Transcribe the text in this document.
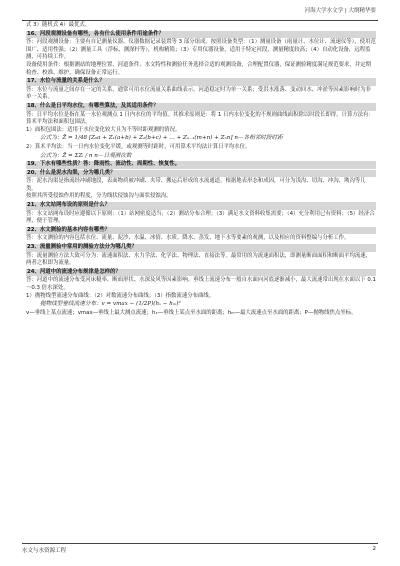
河海大学水文学 | 大纲精华要
式 3）随机式 4）最优式。
16、河段观测设备有哪些，各有什么使用条件用途条件？
答：河段观测设备：主要有自记测量仪器、仪器数据记录装置等 3 部分组成。按照设备类型：（1）测量设备（雨量计、水位计、流速仪等），使用范围广、适用性强；（2）测量工具（浮标、测深杆等），机构精简；（3）专用仪器设备，适用于特定河段，测量精度较高；（4）自动化设备，远程监测，可持续工作。
设备使用条件：根据测站的地理位置、河道条件、水文特性和测验任务选择合适的观测设备，合理配置仪器，保证测验精度满足规范要求，并定期检查、校准、维护，确保设备正常运行。
17、水位与流量的关系是什么？
答：水位与流量之间存在一定的关系，通常可用水位流量关系曲线表示。河道稳定时为单一关系；受洪水涨落、变动回水、冲淤等因素影响时为非单一关系。
18、什么是日平均水位，有哪些算法，及其适用条件？
答：日平均水位是指在某一水位观测点 1 日内水位的平均值。其推求原则是：将 1 日内水位变化的不规则曲线面积除以时段长即得。计算方法有：算术平均法和面积包围法。
1）面积包围法：适用于水位变化较大且为不等时距观测的情况。
公式为：Z̄ = 1/48 [Z₀a + Z₁(a+b) + Z₂(b+c) + … + Zₙ₋₁(m+n) + Zₙn] n—各相邻时段时距
2）算术平均法：当一日内水位变化平缓，或观测等时距时，可用算术平均法计算日平均水位。
公式为：Z̄ = ΣZᵢ / n n—日观测次数
19、下水有哪些性质？答：降雨性、流动性、周期性、恢复性。
20、什么是泥水沟渠，分为哪几类？
答：泥水沟渠是指流经冲刷地段，表面物质被冲刷、夹带、搬运后形成的水流通道。根据地表形态和成因，可分为浅沟、切沟、冲沟、坳沟等几类。
按照其所受侵蚀作用的程度，分为线状侵蚀沟与面状侵蚀沟。
21、水文站网布设的原则是什么？
答：水文站网布设时应遵循以下原则：（1）站网密度适当；（2）测站分布合理；（3）满足水文资料收集需要；（4）充分利用已有资料；（5）经济合理，便于管理。
22、水文测验的基本内容有哪些？
答：水文测验的内容包括水位、流量、泥沙、水温、冰情、水质、降水、蒸发、地下水等要素的观测，以及相应的资料整编与分析工作。
23、流量测验中常用的测验方法分为哪几类？
答：流量测验方法大致可分为：流速面积法、水力学法、化学法、物理法、直接法等。最常用的为流速面积法，即测量断面面积和断面平均流速，两者之积即为流量。
24、河道中的流速分布规律是怎样的？
答：河道中的流速分布受河床糙率、断面形状、水深及风等因素影响。垂线上流速分布一般自水面向河底逐渐减小，最大流速常出现在水面以下 0.1～0.3 倍水深处。
1）抛物线型流速分布曲线：（2）对数流速分布曲线；（3）指数流速分布曲线。
抛物线型垂线流速分布：v = vmax − (1/2P)(hₓ − hₘ)²
v—垂线上某点流速；vmax—垂线上最大测点流速；hₓ—垂线上某点至水面的距离；hₘ—最大流速点至水面的距离；P—抛物线焦点坐标。
水文与水资源工程	2
